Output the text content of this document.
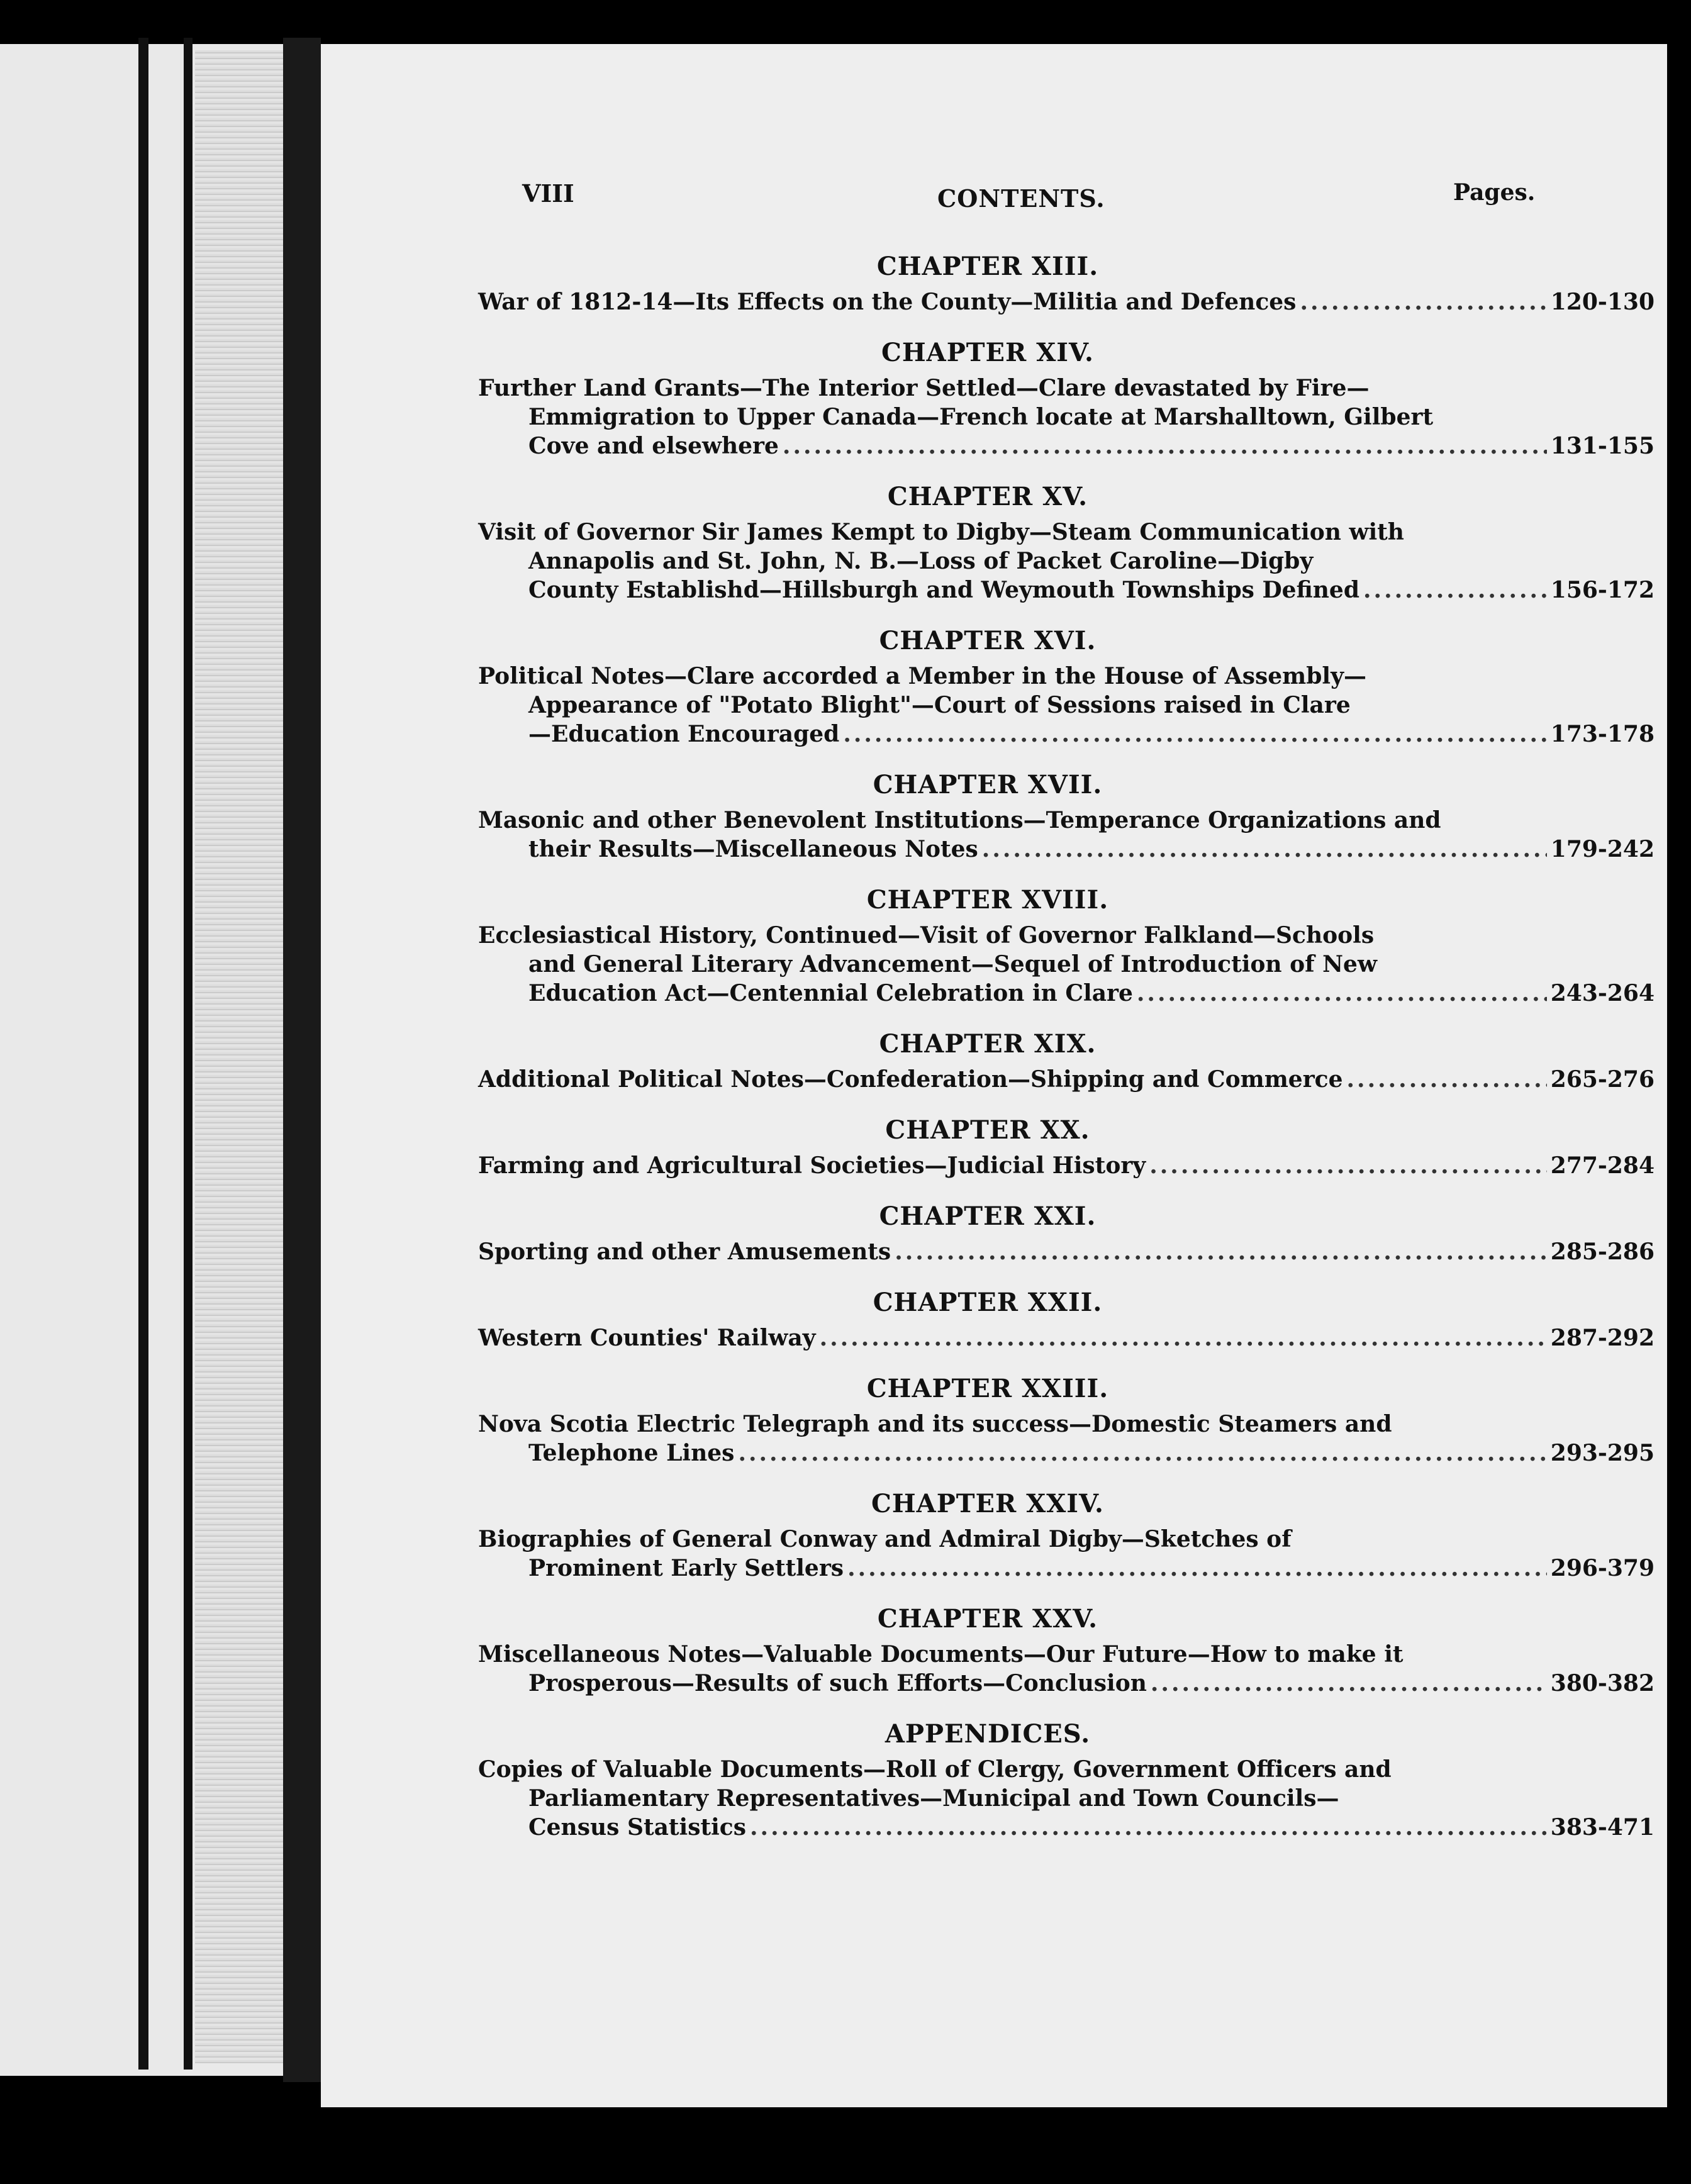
VIII	CONTENTS.	Pages.
CHAPTER XIII.
War of 1812-14—Its Effects on the County—Militia and Defences .....	120-130
CHAPTER XIV.
Further Land Grants—The Interior Settled—Clare devastated by Fire—
Emmigration to Upper Canada—French locate at Marshalltown, Gilbert
Cove and elsewhere .....	131-155
CHAPTER XV.
Visit of Governor Sir James Kempt to Digby—Steam Communication with
Annapolis and St. John, N. B.—Loss of Packet Caroline—Digby
County Establishd—Hillsburgh and Weymouth Townships Defined .....	156-172
CHAPTER XVI.
Political Notes—Clare accorded a Member in the House of Assembly—
Appearance of "Potato Blight"—Court of Sessions raised in Clare
—Education Encouraged .....	173-178
CHAPTER XVII.
Masonic and other Benevolent Institutions—Temperance Organizations and
their Results—Miscellaneous Notes .....	179-242
CHAPTER XVIII.
Ecclesiastical History, Continued—Visit of Governor Falkland—Schools
and General Literary Advancement—Sequel of Introduction of New
Education Act—Centennial Celebration in Clare .....	243-264
CHAPTER XIX.
Additional Political Notes—Confederation—Shipping and Commerce .....	265-276
CHAPTER XX.
Farming and Agricultural Societies—Judicial History .....	277-284
CHAPTER XXI.
Sporting and other Amusements .....	285-286
CHAPTER XXII.
Western Counties' Railway .....	287-292
CHAPTER XXIII.
Nova Scotia Electric Telegraph and its success—Domestic Steamers and
Telephone Lines .....	293-295
CHAPTER XXIV.
Biographies of General Conway and Admiral Digby—Sketches of
Prominent Early Settlers .....	296-379
CHAPTER XXV.
Miscellaneous Notes—Valuable Documents—Our Future—How to make it
Prosperous—Results of such Efforts—Conclusion .....	380-382
APPENDICES.
Copies of Valuable Documents—Roll of Clergy, Government Officers and
Parliamentary Representatives—Municipal and Town Councils—
Census Statistics .....	383-471
